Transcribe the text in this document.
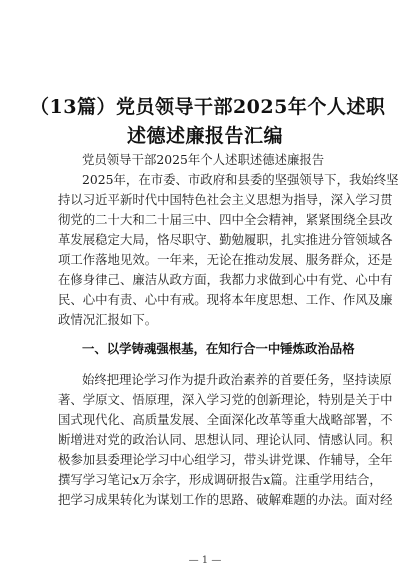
（13篇）党员领导干部2025年个人述职
述德述廉报告汇编
党员领导干部2025年个人述职述德述廉报告
2025年，在市委、市政府和县委的坚强领导下，我始终坚
持以习近平新时代中国特色社会主义思想为指导，深入学习贯
彻党的二十大和二十届三中、四中全会精神，紧紧围绕全县改
革发展稳定大局，恪尽职守、勤勉履职，扎实推进分管领域各
项工作落地见效。一年来，无论在推动发展、服务群众，还是
在修身律己、廉洁从政方面，我都力求做到心中有党、心中有
民、心中有责、心中有戒。现将本年度思想、工作、作风及廉
政情况汇报如下。
一、以学铸魂强根基，在知行合一中锤炼政治品格
始终把理论学习作为提升政治素养的首要任务，坚持读原
著、学原文、悟原理，深入学习党的创新理论，特别是关于中
国式现代化、高质量发展、全面深化改革等重大战略部署，不
断增进对党的政治认同、思想认同、理论认同、情感认同。积
极参加县委理论学习中心组学习，带头讲党课、作辅导，全年
撰写学习笔记x万余字，形成调研报告x篇。注重学用结合，
把学习成果转化为谋划工作的思路、破解难题的办法。面对经
— 1 —
